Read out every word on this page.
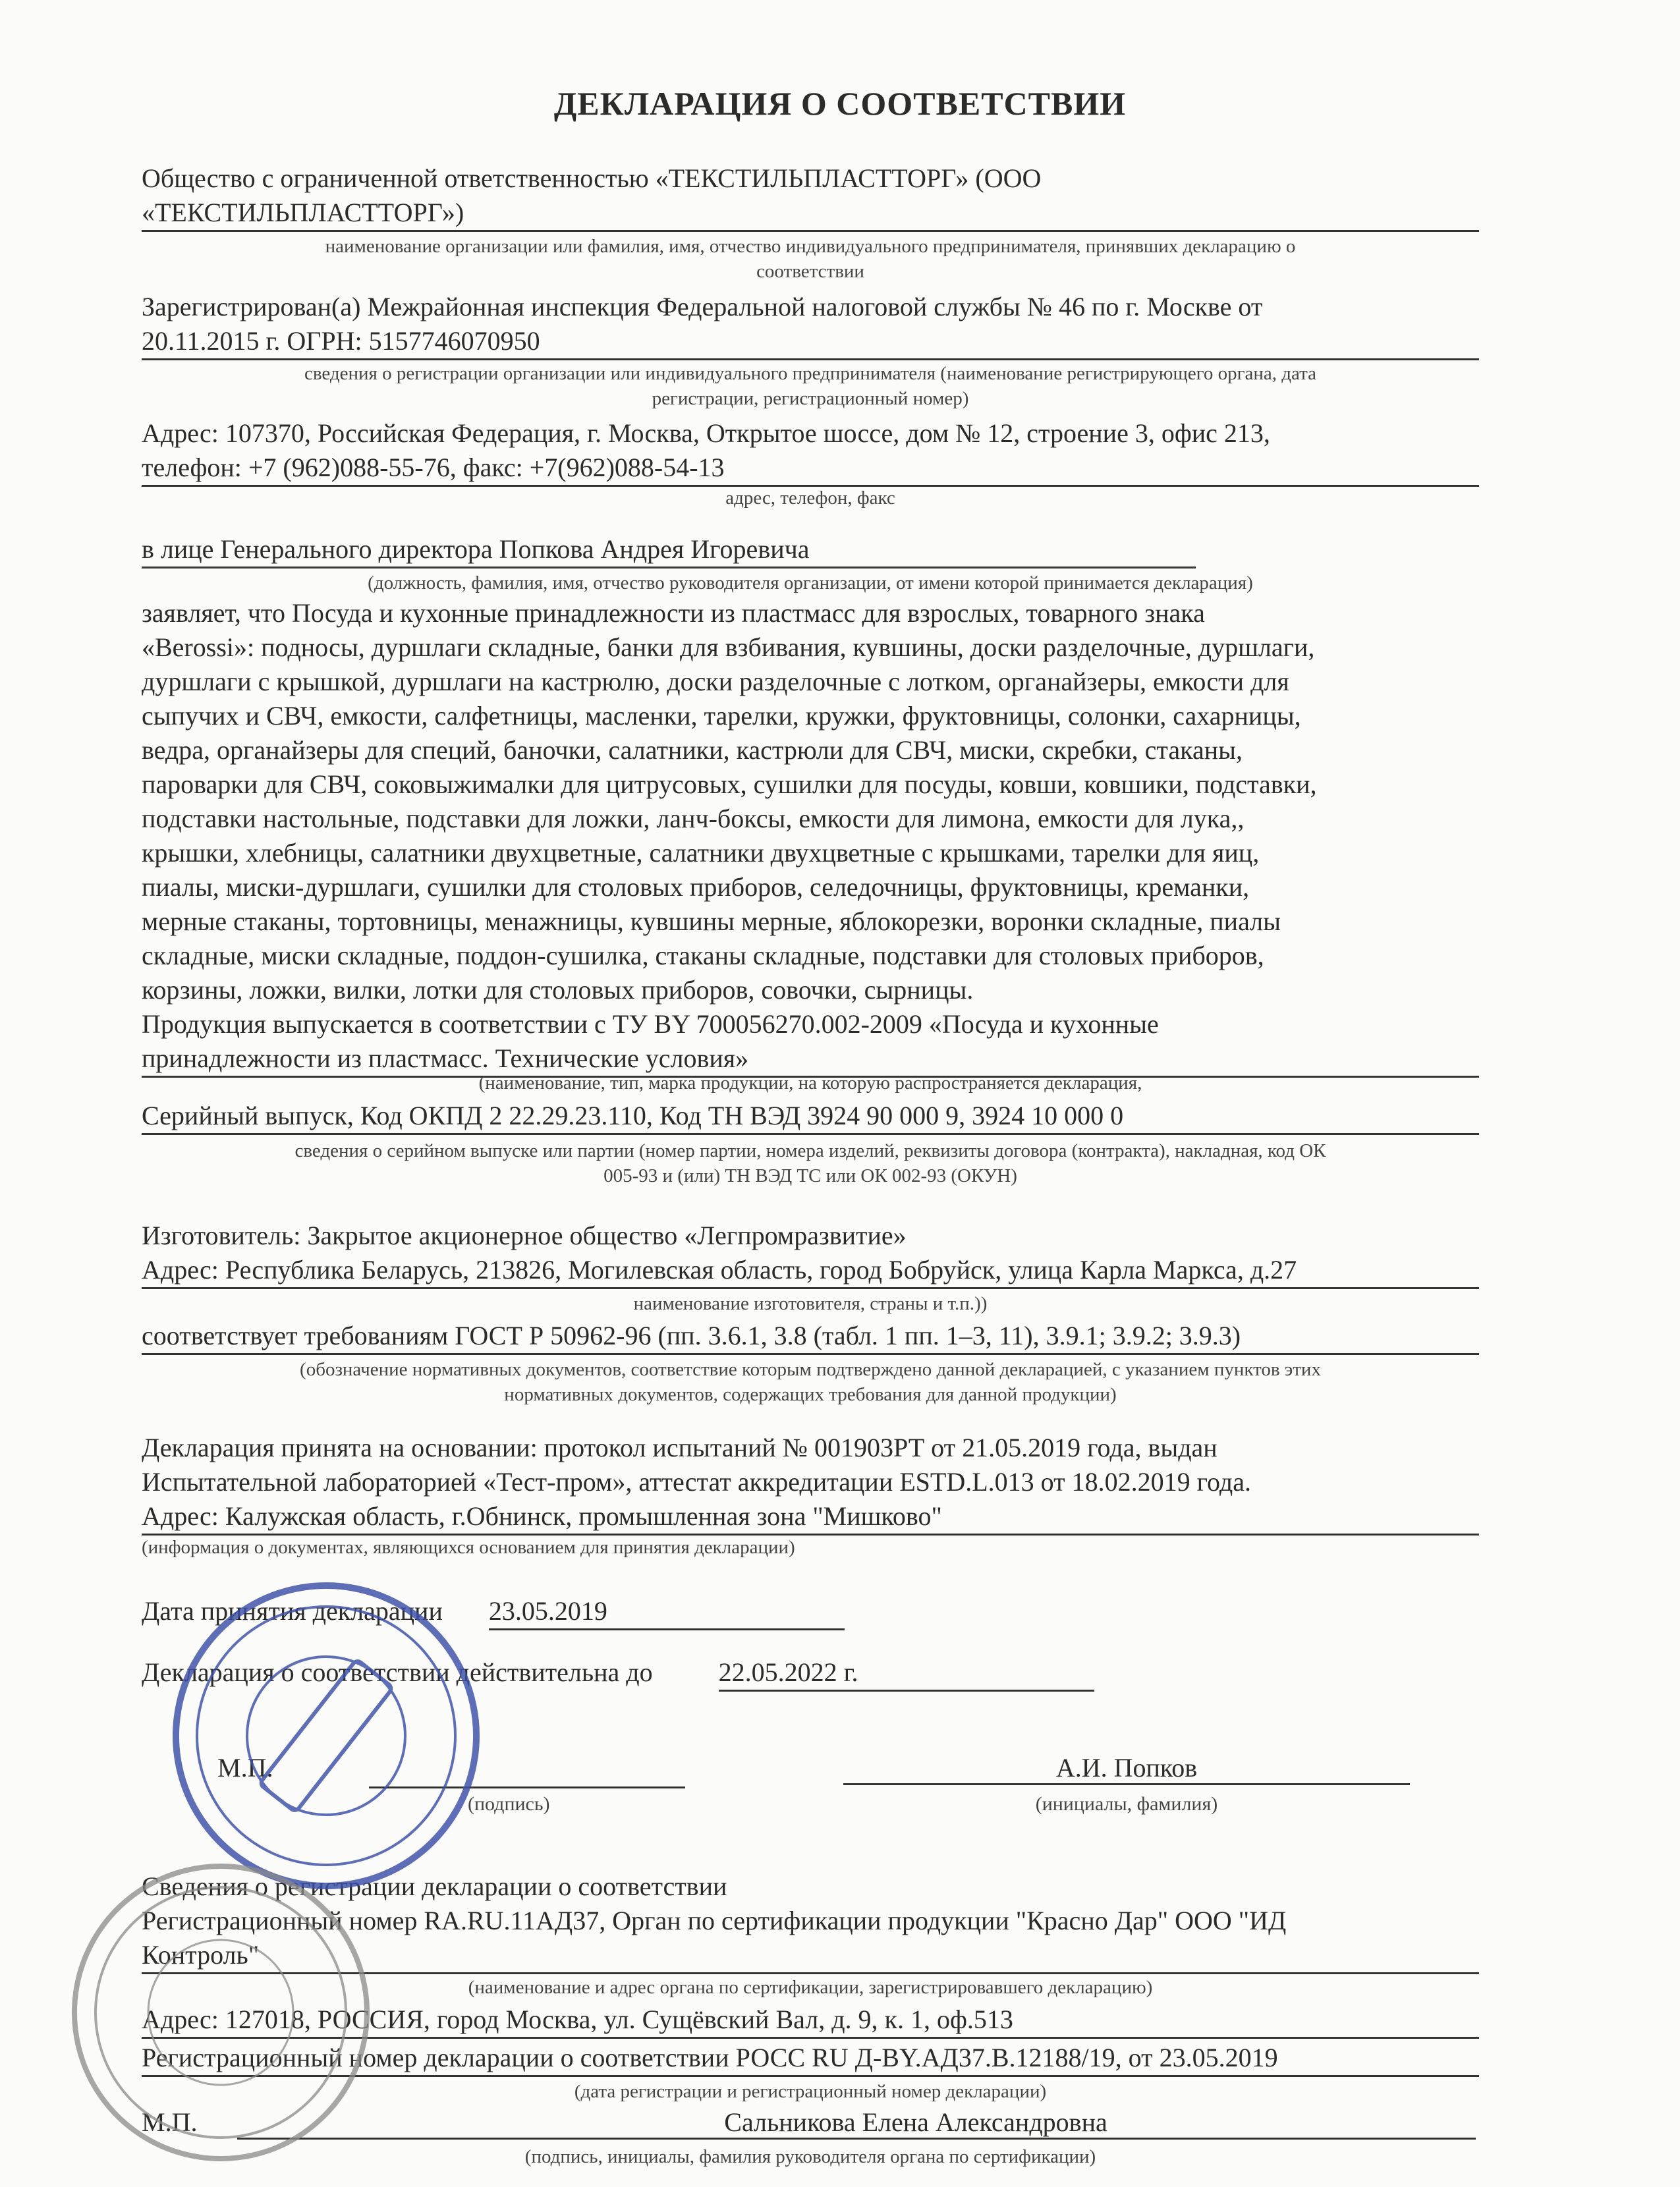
ДЕКЛАРАЦИЯ О СООТВЕТСТВИИ
Общество с ограниченной ответственностью «ТЕКСТИЛЬПЛАСТТОРГ» (ООО
«ТЕКСТИЛЬПЛАСТТОРГ»)
наименование организации или фамилия, имя, отчество индивидуального предпринимателя, принявших декларацию о
соответствии
Зарегистрирован(а) Межрайонная инспекция Федеральной налоговой службы № 46 по г. Москве от
20.11.2015 г. ОГРН: 5157746070950
сведения о регистрации организации или индивидуального предпринимателя (наименование регистрирующего органа, дата
регистрации, регистрационный номер)
Адрес: 107370, Российская Федерация, г. Москва, Открытое шоссе, дом № 12, строение 3, офис 213,
телефон: +7 (962)088-55-76, факс: +7(962)088-54-13
адрес, телефон, факс
в лице Генерального директора Попкова Андрея Игоревича
(должность, фамилия, имя, отчество руководителя организации, от имени которой принимается декларация)
заявляет, что Посуда и кухонные принадлежности из пластмасс для взрослых, товарного знака
«Berossi»: подносы, дуршлаги складные, банки для взбивания, кувшины, доски разделочные, дуршлаги,
дуршлаги с крышкой, дуршлаги на кастрюлю, доски разделочные с лотком, органайзеры, емкости для
сыпучих и СВЧ, емкости, салфетницы, масленки, тарелки, кружки, фруктовницы, солонки, сахарницы,
ведра, органайзеры для специй, баночки, салатники, кастрюли для СВЧ, миски, скребки, стаканы,
пароварки для СВЧ, соковыжималки для цитрусовых, сушилки для посуды, ковши, ковшики, подставки,
подставки настольные, подставки для ложки, ланч-боксы, емкости для лимона, емкости для лука,,
крышки, хлебницы, салатники двухцветные, салатники двухцветные с крышками, тарелки для яиц,
пиалы, миски-дуршлаги, сушилки для столовых приборов, селедочницы, фруктовницы, креманки,
мерные стаканы, тортовницы, менажницы, кувшины мерные, яблокорезки, воронки складные, пиалы
складные, миски складные, поддон-сушилка, стаканы складные, подставки для столовых приборов,
корзины, ложки, вилки, лотки для столовых приборов, совочки, сырницы.
Продукция выпускается в соответствии с ТУ BY 700056270.002-2009 «Посуда и кухонные
принадлежности из пластмасс. Технические условия»
(наименование, тип, марка продукции, на которую распространяется декларация,
Серийный выпуск, Код ОКПД 2 22.29.23.110, Код ТН ВЭД 3924 90 000 9, 3924 10 000 0
сведения о серийном выпуске или партии (номер партии, номера изделий, реквизиты договора (контракта), накладная, код ОК
005-93 и (или) ТН ВЭД ТС или ОК 002-93 (ОКУН)
Изготовитель: Закрытое акционерное общество «Легпромразвитие»
Адрес: Республика Беларусь, 213826, Могилевская область, город Бобруйск, улица Карла Маркса, д.27
наименование изготовителя, страны и т.п.))
соответствует требованиям ГОСТ Р 50962-96 (пп. 3.6.1, 3.8 (табл. 1 пп. 1–3, 11), 3.9.1; 3.9.2; 3.9.3)
(обозначение нормативных документов, соответствие которым подтверждено данной декларацией, с указанием пунктов этих
нормативных документов, содержащих требования для данной продукции)
Декларация принята на основании: протокол испытаний № 001903РТ от 21.05.2019 года, выдан
Испытательной лабораторией «Тест-пром», аттестат аккредитации ESTD.L.013 от 18.02.2019 года.
Адрес: Калужская область, г.Обнинск, промышленная зона "Мишково"
(информация о документах, являющихся основанием для принятия декларации)
Дата принятия декларации 23.05.2019
Декларация о соответствии действительна до	22.05.2022 г.
М.П.
(подпись)
А.И. Попков
(инициалы, фамилия)
Сведения о регистрации декларации о соответствии
Регистрационный номер RA.RU.11АД37, Орган по сертификации продукции "Красно Дар" ООО "ИД
Контроль"
(наименование и адрес органа по сертификации, зарегистрировавшего декларацию)
Адрес: 127018, РОССИЯ, город Москва, ул. Сущёвский Вал, д. 9, к. 1, оф.513
Регистрационный номер декларации о соответствии РОСС RU Д-BY.АД37.В.12188/19, от 23.05.2019
(дата регистрации и регистрационный номер декларации)
М.П.	Сальникова Елена Александровна
(подпись, инициалы, фамилия руководителя органа по сертификации)
